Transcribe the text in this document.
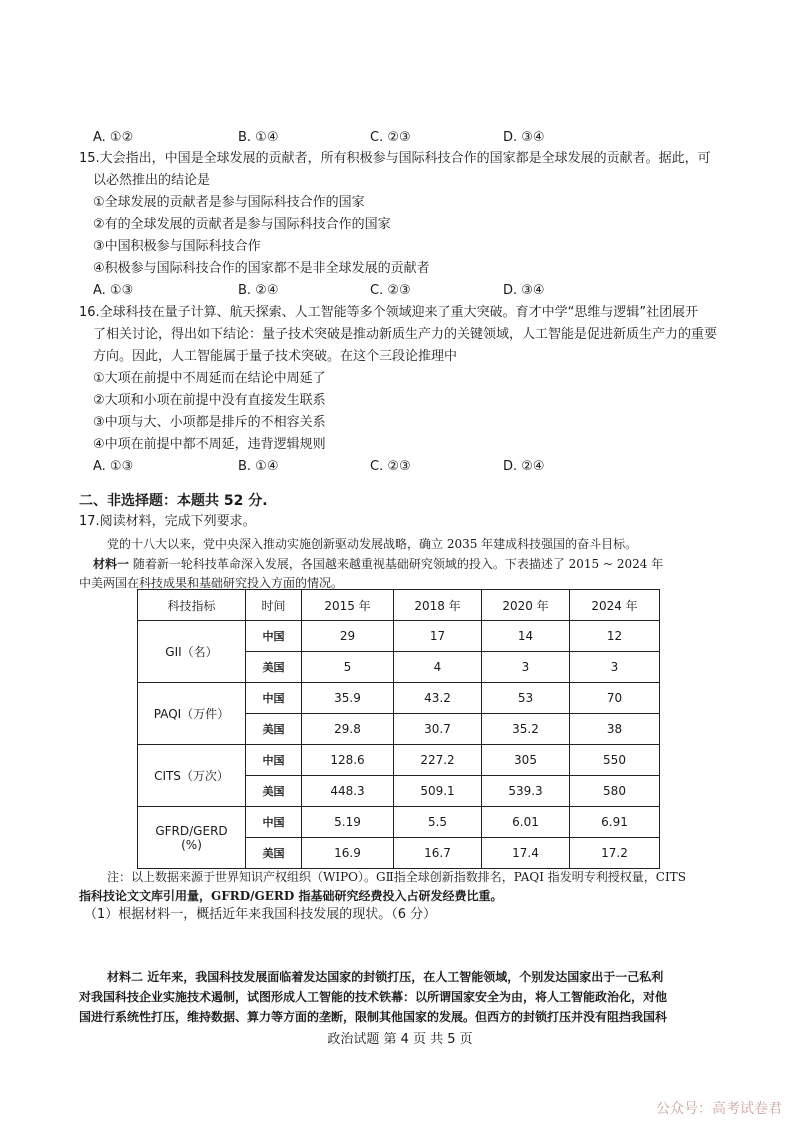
A. ①②	B. ①④	C. ②③	D. ③④
15.大会指出，中国是全球发展的贡献者，所有积极参与国际科技合作的国家都是全球发展的贡献者。据此，可
以必然推出的结论是
①全球发展的贡献者是参与国际科技合作的国家
②有的全球发展的贡献者是参与国际科技合作的国家
③中国积极参与国际科技合作
④积极参与国际科技合作的国家都不是非全球发展的贡献者
A. ①③	B. ②④	C. ②③	D. ③④
16.全球科技在量子计算、航天探索、人工智能等多个领域迎来了重大突破。育才中学“思维与逻辑”社团展开
了相关讨论，得出如下结论：量子技术突破是推动新质生产力的关键领域，人工智能是促进新质生产力的重要
方向。因此，人工智能属于量子技术突破。在这个三段论推理中
①大项在前提中不周延而在结论中周延了
②大项和小项在前提中没有直接发生联系
③中项与大、小项都是排斥的不相容关系
④中项在前提中都不周延，违背逻辑规则
A. ①③	B. ①④	C. ②③	D. ②④
二、非选择题：本题共 52 分.
17.阅读材料，完成下列要求。
党的十八大以来，党中央深入推动实施创新驱动发展战略，确立 2035 年建成科技强国的奋斗目标。
材料一 随着新一轮科技革命深入发展，各国越来越重视基础研究领域的投入。下表描述了 2015 ~ 2024 年
中美两国在科技成果和基础研究投入方面的情况。
科技指标	时间	2015 年	2018 年	2020 年	2024 年
GII（名）	中国	29	17	14	12
	美国	5	4	3	3
PAQI（万件）	中国	35.9	43.2	53	70
	美国	29.8	30.7	35.2	38
CITS（万次）	中国	128.6	227.2	305	550
	美国	448.3	509.1	539.3	580
GFRD/GERD
(%)	中国	5.19	5.5	6.01	6.91
	美国	16.9	16.7	17.4	17.2
注：以上数据来源于世界知识产权组织（WIPO）。GⅡ指全球创新指数排名，PAQI 指发明专利授权量，CITS
指科技论文文库引用量，GFRD/GERD 指基础研究经费投入占研发经费比重。
（1）根据材料一，概括近年来我国科技发展的现状。（6 分）
材料二 近年来，我国科技发展面临着发达国家的封锁打压，在人工智能领域，个别发达国家出于一己私利
对我国科技企业实施技术遏制，试图形成人工智能的技术铁幕：以所谓国家安全为由，将人工智能政治化，对他
国进行系统性打压，维持数据、算力等方面的垄断，限制其他国家的发展。但西方的封锁打压并没有阻挡我国科
政治试题 第 4 页 共 5 页
公众号：高考试卷君
